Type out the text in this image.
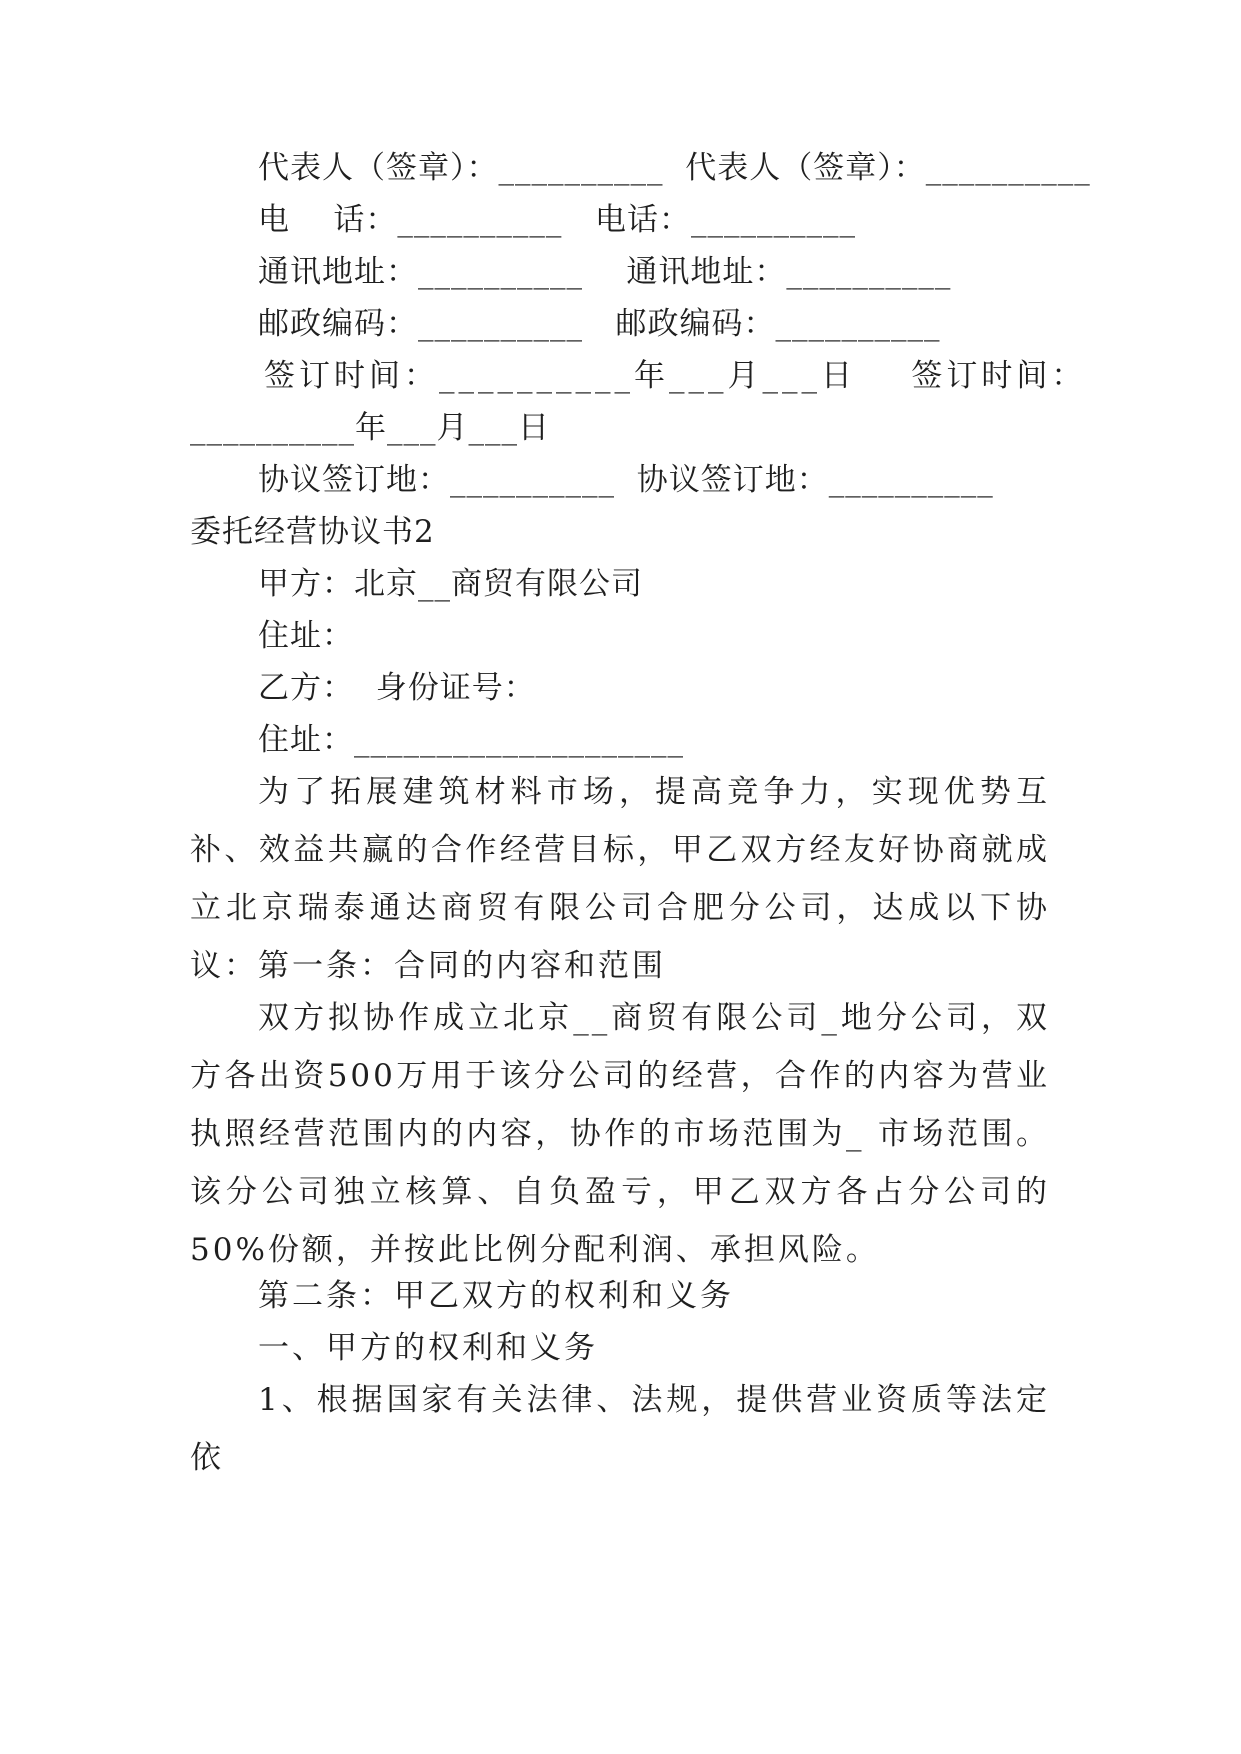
代表人（签章）：__________  代表人（签章）：__________
电    话：__________   电话：__________
通讯地址：__________    通讯地址：__________
邮政编码：__________   邮政编码：__________
签订时间：__________年___月___日    签订时间：
__________年___月___日
协议签订地：__________  协议签订地：__________
委托经营协议书2
甲方：北京__商贸有限公司
住址：
乙方：  身份证号：
住址：____________________
为了拓展建筑材料市场，提高竞争力，实现优势互补、效益共赢的合作经营目标，甲乙双方经友好协商就成立北京瑞泰通达商贸有限公司合肥分公司，达成以下协议： 第一条：合同的内容和范围
双方拟协作成立北京__商贸有限公司_地分公司，双方各出资500万用于该分公司的经营，合作的内容为营业执照经营范围内的内容，协作的市场范围为_ 市场范围。该分公司独立核算、自负盈亏，甲乙双方各占分公司的50%份额，并按此比例分配利润、承担风险。
第二条：甲乙双方的权利和义务
一、甲方的权利和义务
1、根据国家有关法律、法规，提供营业资质等法定依
